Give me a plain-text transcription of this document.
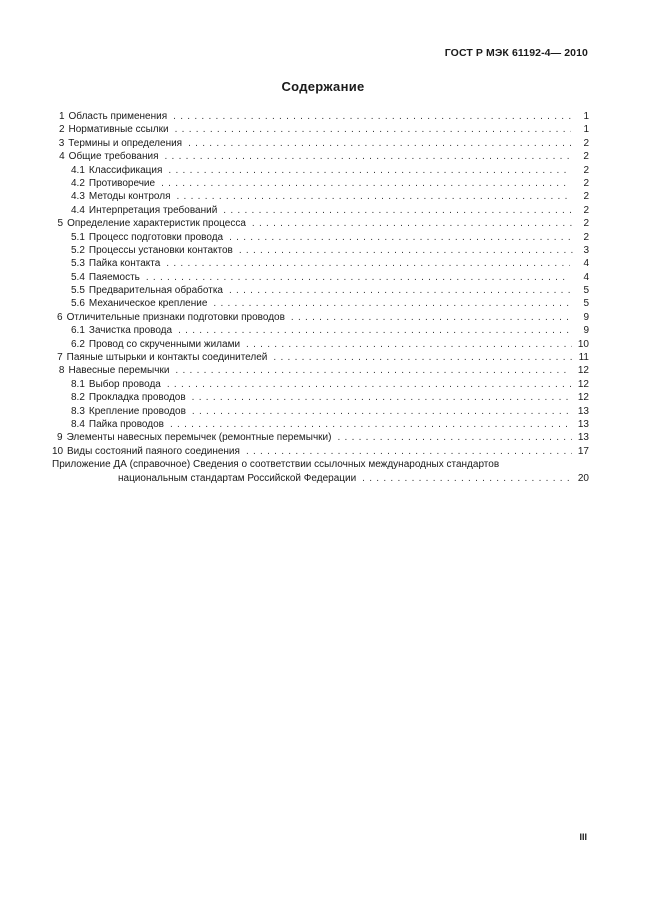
ГОСТ Р МЭК 61192-4— 2010
Содержание
1 Область применения . . .	1
2 Нормативные ссылки . . .	1
3 Термины и определения . . .	2
4 Общие требования . . .	2
4.1 Классификация . . .	2
4.2 Противоречие . . .	2
4.3 Методы контроля . . .	2
4.4 Интерпретация требований . . .	2
5 Определение характеристик процесса . . .	2
5.1 Процесс подготовки провода . . .	2
5.2 Процессы установки контактов . . .	3
5.3 Пайка контакта . . .	4
5.4 Паяемость . . .	4
5.5 Предварительная обработка . . .	5
5.6 Механическое крепление . . .	5
6 Отличительные признаки подготовки проводов . . .	9
6.1 Зачистка провода . . .	9
6.2 Провод со скрученными жилами . . .	10
7 Паяные штырьки и контакты соединителей . . .	11
8 Навесные перемычки . . .	12
8.1 Выбор провода . . .	12
8.2 Прокладка проводов . . .	12
8.3 Крепление проводов . . .	13
8.4 Пайка проводов . . .	13
9 Элементы навесных перемычек (ремонтные перемычки) . . .	13
10 Виды состояний паяного соединения . . .	17
Приложение ДА (справочное) Сведения о соответствии ссылочных международных стандартов
национальным стандартам Российской Федерации . . .	20
III
